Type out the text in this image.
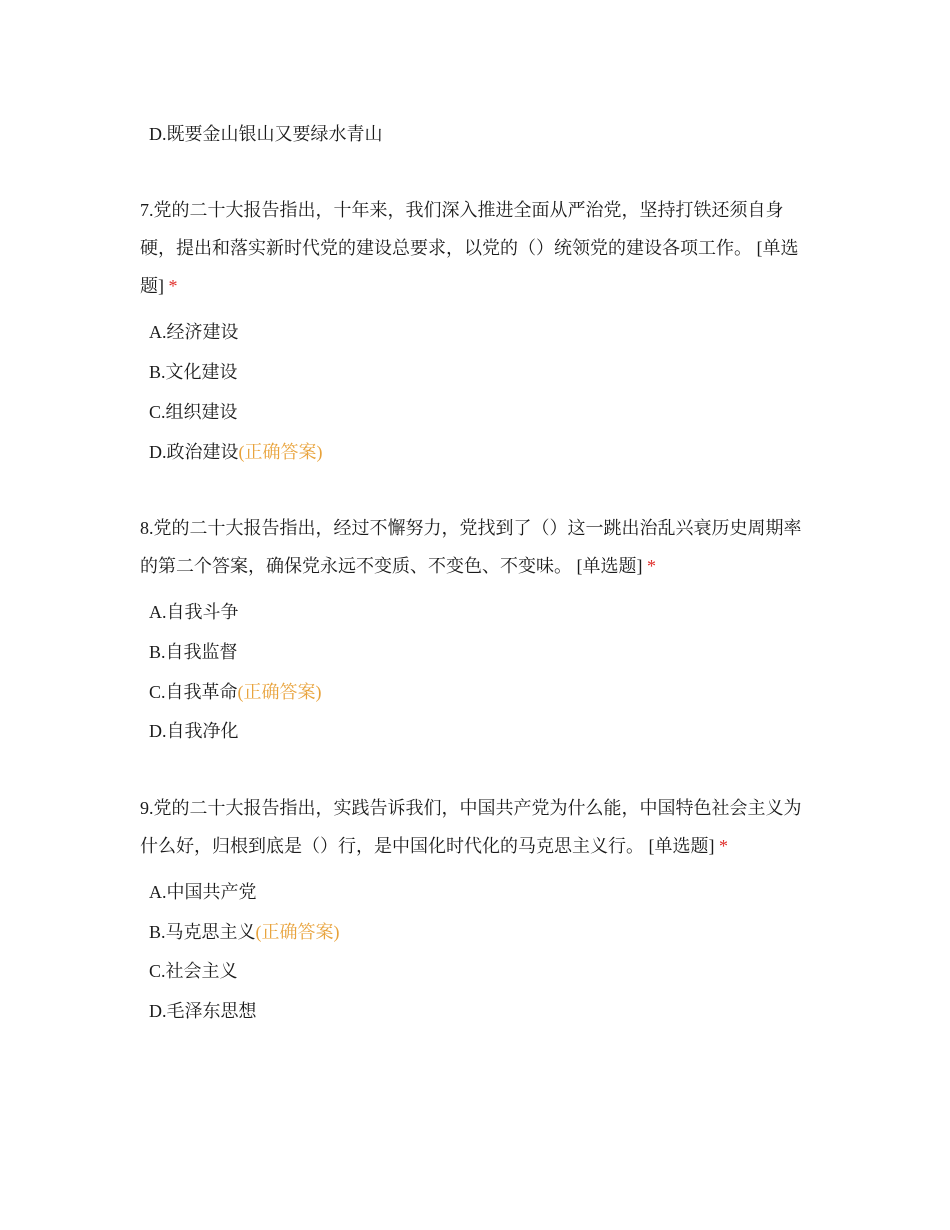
D.既要金山银山又要绿水青山
7.党的二十大报告指出，十年来，我们深入推进全面从严治党，坚持打铁还须自身硬，提出和落实新时代党的建设总要求，以党的（）统领党的建设各项工作。 [单选题] *
A.经济建设
B.文化建设
C.组织建设
D.政治建设(正确答案)
8.党的二十大报告指出，经过不懈努力，党找到了（）这一跳出治乱兴衰历史周期率的第二个答案，确保党永远不变质、不变色、不变味。 [单选题] *
A.自我斗争
B.自我监督
C.自我革命(正确答案)
D.自我净化
9.党的二十大报告指出，实践告诉我们，中国共产党为什么能，中国特色社会主义为什么好，归根到底是（）行，是中国化时代化的马克思主义行。 [单选题] *
A.中国共产党
B.马克思主义(正确答案)
C.社会主义
D.毛泽东思想
